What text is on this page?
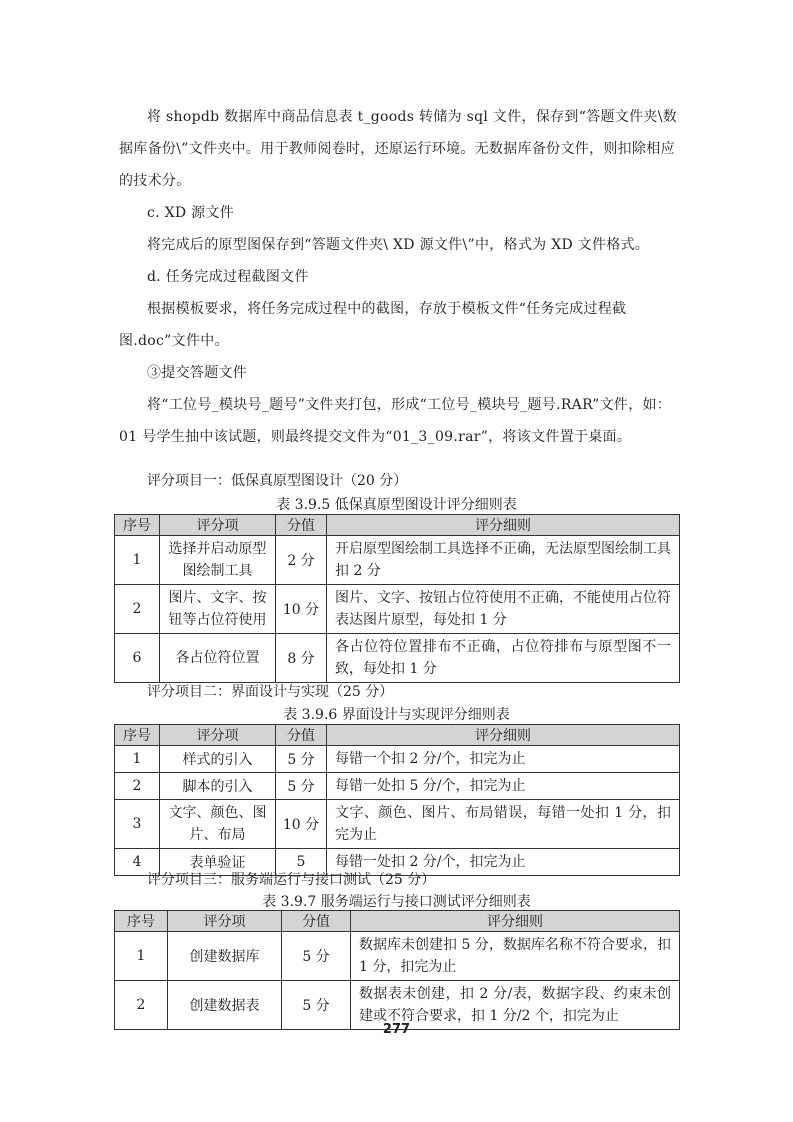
将 shopdb 数据库中商品信息表 t_goods 转储为 sql 文件，保存到“答题文件夹\数据库备份\”文件夹中。用于教师阅卷时，还原运行环境。无数据库备份文件，则扣除相应的技术分。

c. XD 源文件

将完成后的原型图保存到“答题文件夹\ XD 源文件\”中，格式为 XD 文件格式。

d. 任务完成过程截图文件

根据模板要求，将任务完成过程中的截图，存放于模板文件“任务完成过程截图.doc”文件中。

③提交答题文件

将“工位号_模块号_题号”文件夹打包，形成“工位号_模块号_题号.RAR”文件，如：01 号学生抽中该试题，则最终提交文件为“01_3_09.rar”，将该文件置于桌面。

评分项目一：低保真原型图设计（20 分）

表 3.9.5 低保真原型图设计评分细则表

序号	评分项	分值	评分细则
1	选择并启动原型图绘制工具	2 分	开启原型图绘制工具选择不正确，无法原型图绘制工具扣 2 分
2	图片、文字、按钮等占位符使用	10 分	图片、文字、按钮占位符使用不正确，不能使用占位符表达图片原型，每处扣 1 分
6	各占位符位置	8 分	各占位符位置排布不正确，占位符排布与原型图不一致，每处扣 1 分

评分项目二：界面设计与实现（25 分）

表 3.9.6 界面设计与实现评分细则表

序号	评分项	分值	评分细则
1	样式的引入	5 分	每错一个扣 2 分/个，扣完为止
2	脚本的引入	5 分	每错一处扣 5 分/个，扣完为止
3	文字、颜色、图片、布局	10 分	文字、颜色、图片、布局错误，每错一处扣 1 分，扣完为止
4	表单验证	5	每错一处扣 2 分/个，扣完为止

评分项目三：服务端运行与接口测试（25 分）

表 3.9.7 服务端运行与接口测试评分细则表

序号	评分项	分值	评分细则
1	创建数据库	5 分	数据库未创建扣 5 分，数据库名称不符合要求，扣 1 分，扣完为止
2	创建数据表	5 分	数据表未创建，扣 2 分/表，数据字段、约束未创建或不符合要求，扣 1 分/2 个，扣完为止
277
